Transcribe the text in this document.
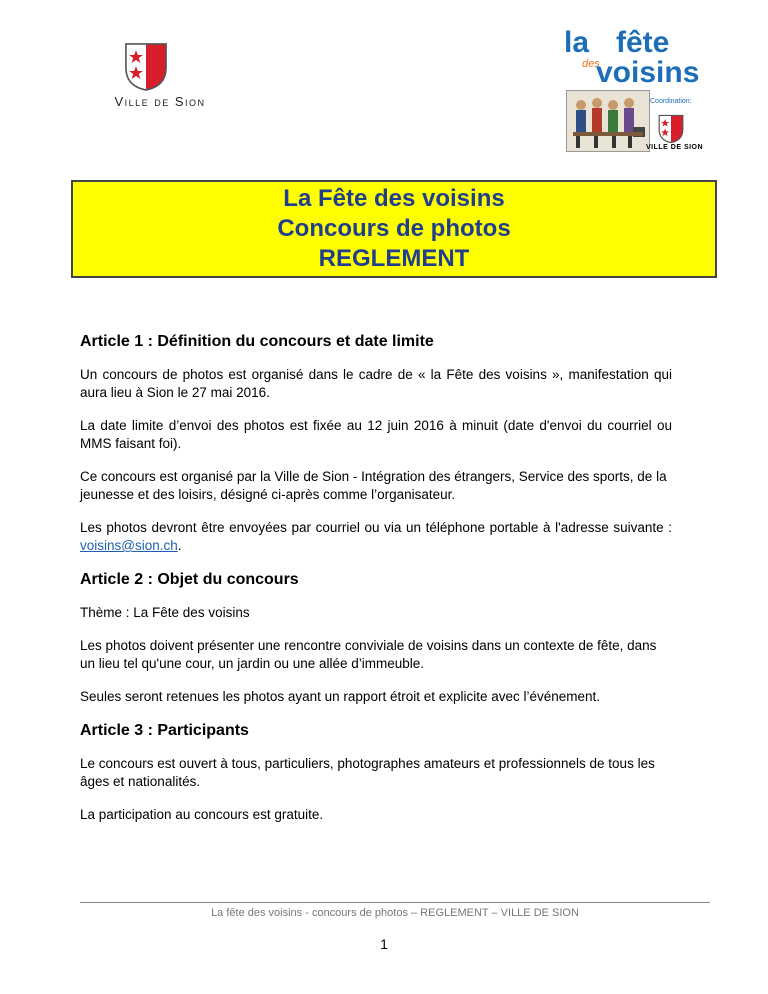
Ville de Sion
la fête
des
voisins
Coordination:
VILLE DE SION
La Fête des voisins
Concours de photos
REGLEMENT
Article 1 : Définition du concours et date limite

Un concours de photos est organisé dans le cadre de « la Fête des voisins », manifestation qui aura lieu à Sion le 27 mai 2016.

La date limite d’envoi des photos est fixée au 12 juin 2016 à minuit (date d'envoi du courriel ou MMS faisant foi).

Ce concours est organisé par la Ville de Sion - Intégration des étrangers, Service des sports, de la jeunesse et des loisirs, désigné ci-après comme l’organisateur.

Les photos devront être envoyées par courriel ou via un téléphone portable à l'adresse suivante : voisins@sion.ch.

Article 2 : Objet du concours

Thème : La Fête des voisins

Les photos doivent présenter une rencontre conviviale de voisins dans un contexte de fête, dans un lieu tel qu'une cour, un jardin ou une allée d’immeuble.

Seules seront retenues les photos ayant un rapport étroit et explicite avec l’événement.

Article 3 : Participants

Le concours est ouvert à tous, particuliers, photographes amateurs et professionnels de tous les âges et nationalités.

La participation au concours est gratuite.

La fête des voisins - concours de photos – REGLEMENT – VILLE DE SION
1
